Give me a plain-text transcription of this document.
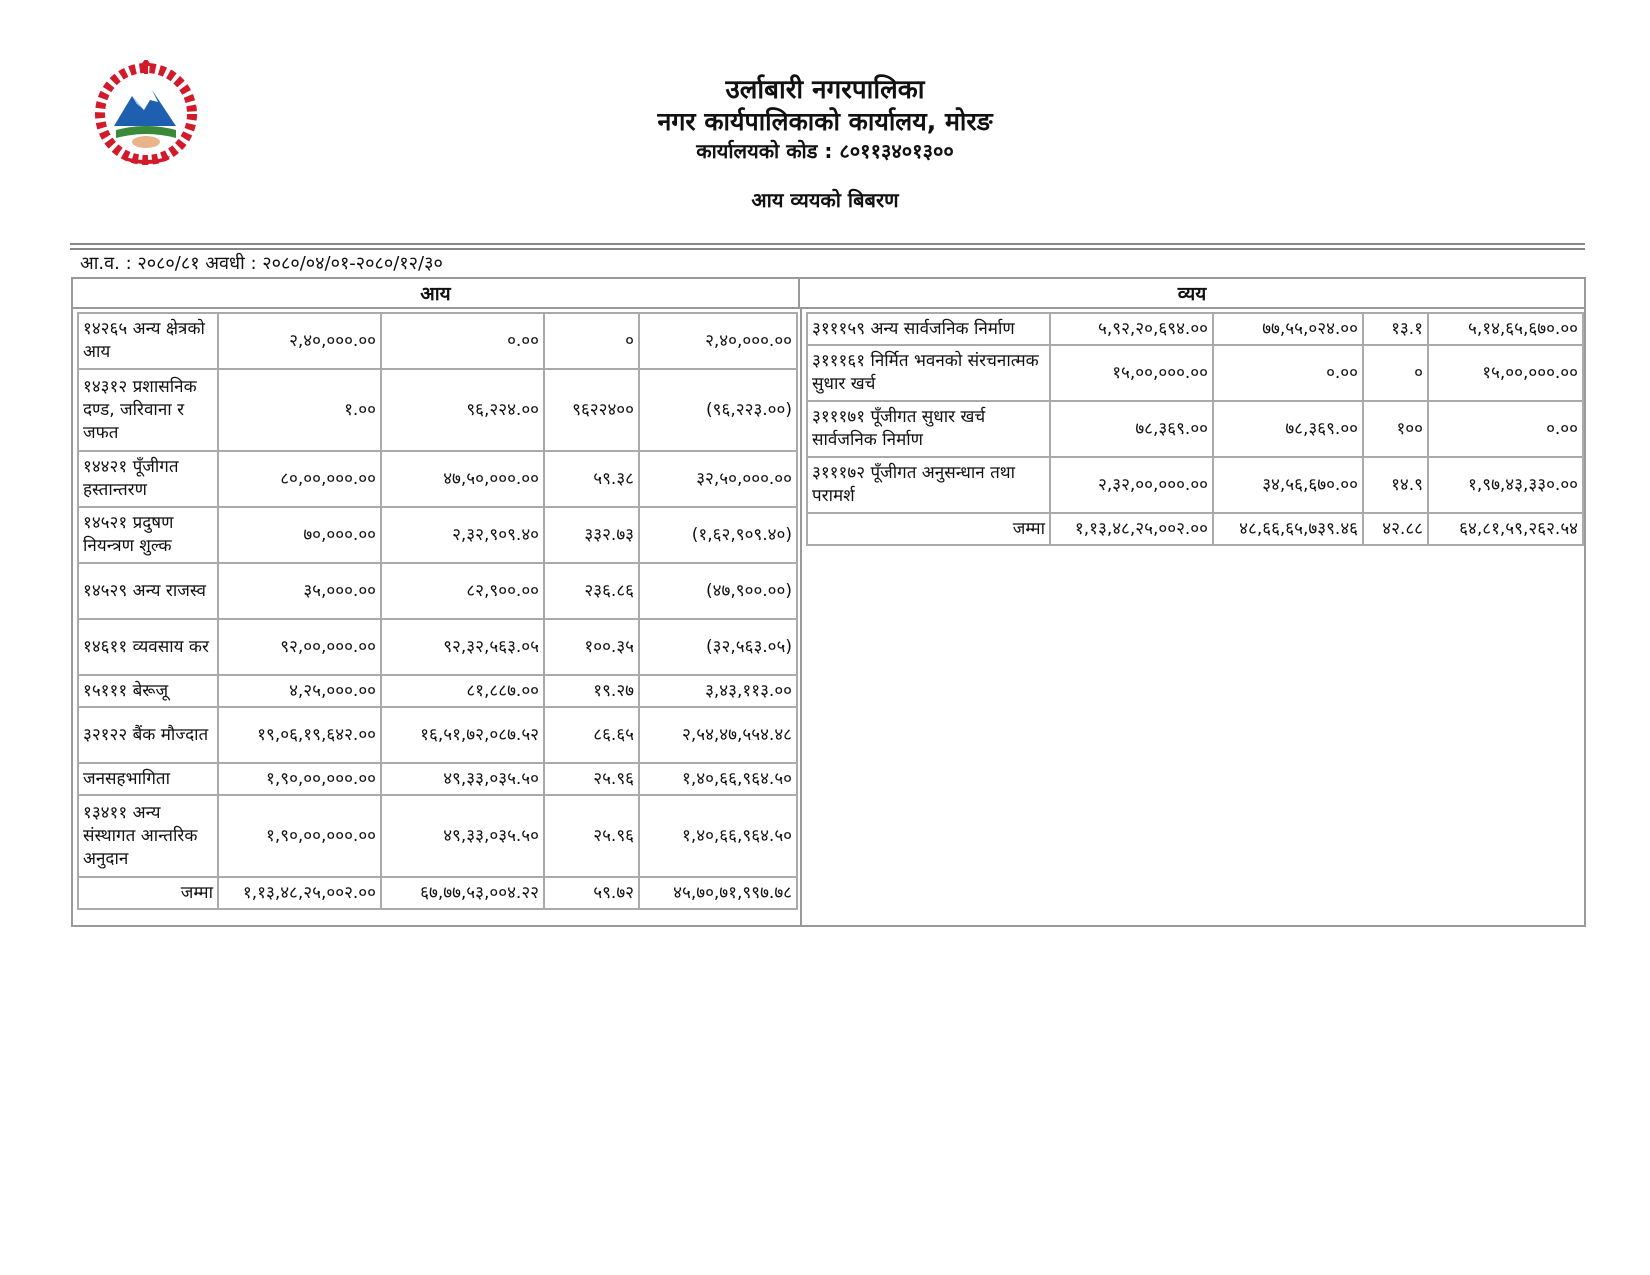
उर्लाबारी नगरपालिका
नगर कार्यपालिकाको कार्यालय, मोरङ
कार्यालयको कोड : ८०११३४०१३००
आय व्ययको बिबरण
आ.व. : २०८०/८१ अवधी : २०८०/०४/०१-२०८०/१२/३०
आय	व्यय
१४२६५ अन्य क्षेत्रको आय	२,४०,०००.००	०.००	०	२,४०,०००.००
१४३१२ प्रशासनिक दण्ड, जरिवाना र जफत	१.००	९६,२२४.००	९६२२४००	(९६,२२३.००)
१४४२१ पूँजीगत हस्तान्तरण	८०,००,०००.००	४७,५०,०००.००	५९.३८	३२,५०,०००.००
१४५२१ प्रदुषण नियन्त्रण शुल्क	७०,०००.००	२,३२,९०९.४०	३३२.७३	(१,६२,९०९.४०)
१४५२९ अन्य राजस्व	३५,०००.००	८२,९००.००	२३६.८६	(४७,९००.००)
१४६११ व्यवसाय कर	९२,००,०००.००	९२,३२,५६३.०५	१००.३५	(३२,५६३.०५)
१५१११ बेरूजू	४,२५,०००.००	८१,८८७.००	१९.२७	३,४३,११३.००
३२१२२ बैंक मौज्दात	१९,०६,१९,६४२.००	१६,५१,७२,०८७.५२	८६.६५	२,५४,४७,५५४.४८
जनसहभागिता	१,९०,००,०००.००	४९,३३,०३५.५०	२५.९६	१,४०,६६,९६४.५०
१३४११ अन्य संस्थागत आन्तरिक अनुदान	१,९०,००,०००.००	४९,३३,०३५.५०	२५.९६	१,४०,६६,९६४.५०
जम्मा	१,१३,४८,२५,००२.००	६७,७७,५३,००४.२२	५९.७२	४५,७०,७१,९९७.७८
३१११५९ अन्य सार्वजनिक निर्माण	५,९२,२०,६९४.००	७७,५५,०२४.००	१३.१	५,१४,६५,६७०.००
३१११६१ निर्मित भवनको संरचनात्मक सुधार खर्च	१५,००,०००.००	०.००	०	१५,००,०००.००
३१११७१ पूँजीगत सुधार खर्च सार्वजनिक निर्माण	७८,३६९.००	७८,३६९.००	१००	०.००
३१११७२ पूँजीगत अनुसन्धान तथा परामर्श	२,३२,००,०००.००	३४,५६,६७०.००	१४.९	१,९७,४३,३३०.००
जम्मा	१,१३,४८,२५,००२.००	४८,६६,६५,७३९.४६	४२.८८	६४,८१,५९,२६२.५४
